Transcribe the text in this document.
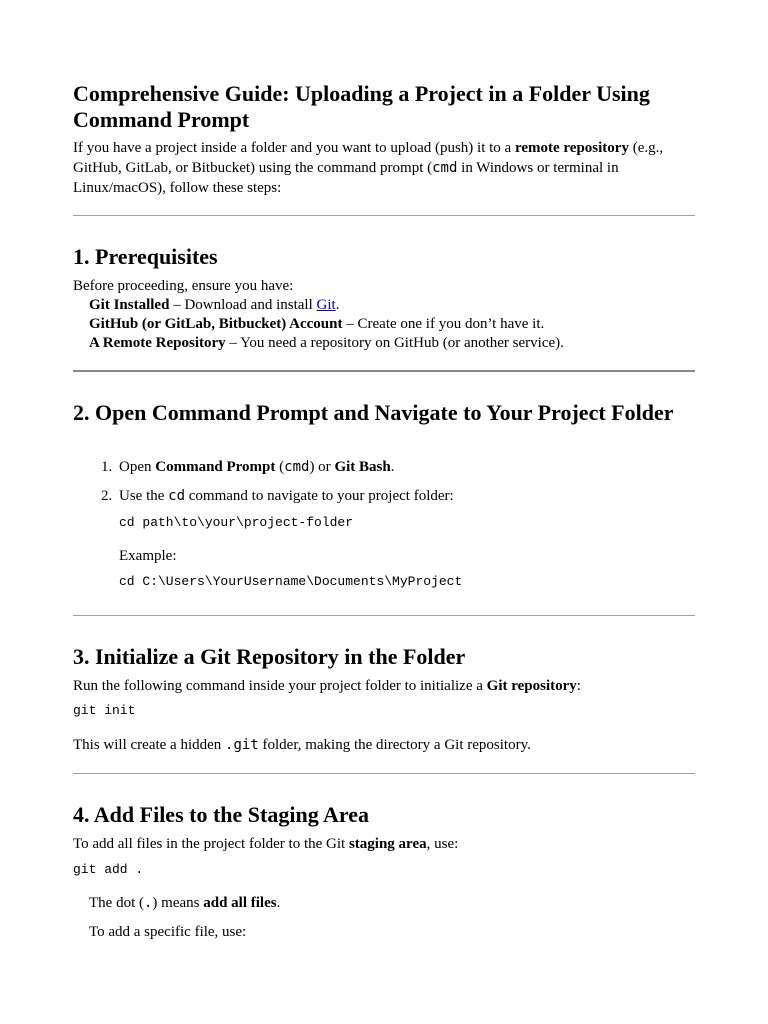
Comprehensive Guide: Uploading a Project in a Folder Using Command Prompt

If you have a project inside a folder and you want to upload (push) it to a remote repository (e.g., GitHub, GitLab, or Bitbucket) using the command prompt (cmd in Windows or terminal in Linux/macOS), follow these steps:

1. Prerequisites

Before proceeding, ensure you have:

Git Installed – Download and install Git.

GitHub (or GitLab, Bitbucket) Account – Create one if you don’t have it.

A Remote Repository – You need a repository on GitHub (or another service).

2. Open Command Prompt and Navigate to Your Project Folder

1. Open Command Prompt (cmd) or Git Bash.

2. Use the cd command to navigate to your project folder:

cd path\to\your\project-folder

Example:

cd C:\Users\YourUsername\Documents\MyProject
3. Initialize a Git Repository in the Folder

Run the following command inside your project folder to initialize a Git repository:

git init

This will create a hidden .git folder, making the directory a Git repository.

4. Add Files to the Staging Area

To add all files in the project folder to the Git staging area, use:

git add .

The dot (.) means add all files.

To add a specific file, use:
